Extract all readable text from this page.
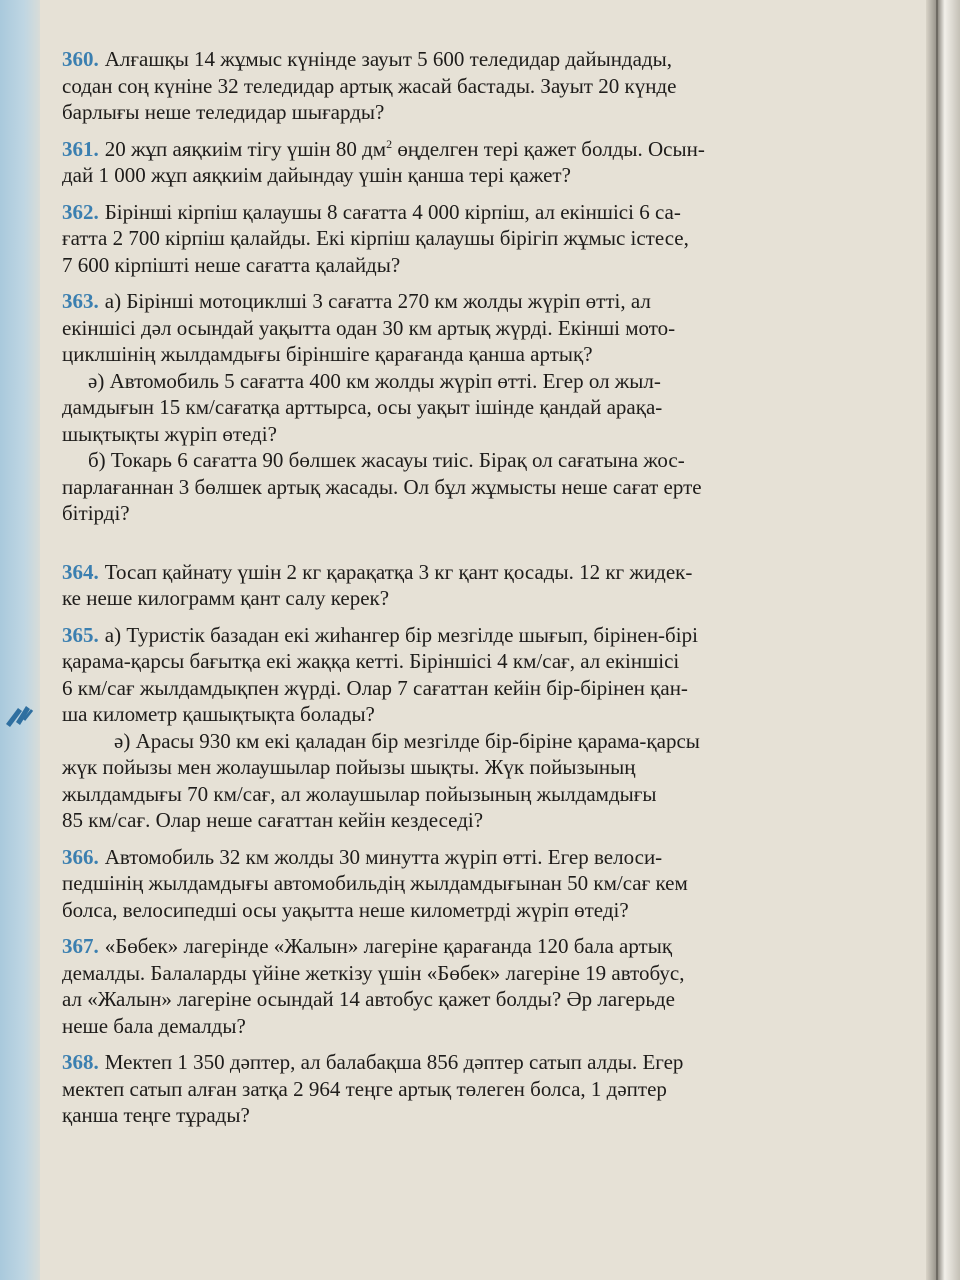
360. Алғашқы 14 жұмыс күнінде зауыт 5 600 теледидар дайындады,
содан соң күніне 32 теледидар артық жасай бастады. Зауыт 20 күнде
барлығы неше теледидар шығарды?
361. 20 жұп аяқкиім тігу үшін 80 $дм^2$ өңделген тері қажет болды. Осын-
дай 1 000 жұп аяқкиім дайындау үшін қанша тері қажет?
362. Бірінші кірпіш қалаушы 8 сағатта 4 000 кірпіш, ал екіншісі 6 са-
ғатта 2 700 кірпіш қалайды. Екі кірпіш қалаушы бірігіп жұмыс істесе,
7 600 кірпішті неше сағатта қалайды?
363. а) Бірінші мотоциклші 3 сағатта 270 км жолды жүріп өтті, ал
екіншісі дәл осындай уақытта одан 30 км артық жүрді. Екінші мото-
циклшінің жылдамдығы біріншіге қарағанда қанша артық?
ә) Автомобиль 5 сағатта 400 км жолды жүріп өтті. Егер ол жыл-
дамдығын 15 км/сағатқа арттырса, осы уақыт ішінде қандай арақа-
шықтықты жүріп өтеді?
б) Токарь 6 сағатта 90 бөлшек жасауы тиіс. Бірақ ол сағатына жос-
парлағаннан 3 бөлшек артық жасады. Ол бұл жұмысты неше сағат ерте
бітірді?
364. Тосап қайнату үшін 2 кг қарақатқа 3 кг қант қосады. 12 кг жидек-
ке неше килограмм қант салу керек?
365. а) Туристік базадан екі жиһангер бір мезгілде шығып, бірінен-бірі
қарама-қарсы бағытқа екі жаққа кетті. Біріншісі 4 км/сағ, ал екіншісі
6 км/сағ жылдамдықпен жүрді. Олар 7 сағаттан кейін бір-бірінен қан-
ша километр қашықтықта болады?
ә) Арасы 930 км екі қаладан бір мезгілде бір-біріне қарама-қарсы
жүк пойызы мен жолаушылар пойызы шықты. Жүк пойызының
жылдамдығы 70 км/сағ, ал жолаушылар пойызының жылдамдығы
85 км/сағ. Олар неше сағаттан кейін кездеседі?
366. Автомобиль 32 км жолды 30 минутта жүріп өтті. Егер велоси-
педшінің жылдамдығы автомобильдің жылдамдығынан 50 км/сағ кем
болса, велосипедші осы уақытта неше километрді жүріп өтеді?
367. «Бөбек» лагерінде «Жалын» лагеріне қарағанда 120 бала артық
демалды. Балаларды үйіне жеткізу үшін «Бөбек» лагеріне 19 автобус,
ал «Жалын» лагеріне осындай 14 автобус қажет болды? Әр лагерьде
неше бала демалды?
368. Мектеп 1 350 дәптер, ал балабақша 856 дәптер сатып алды. Егер
мектеп сатып алған затқа 2 964 теңге артық төлеген болса, 1 дәптер
қанша теңге тұрады?
